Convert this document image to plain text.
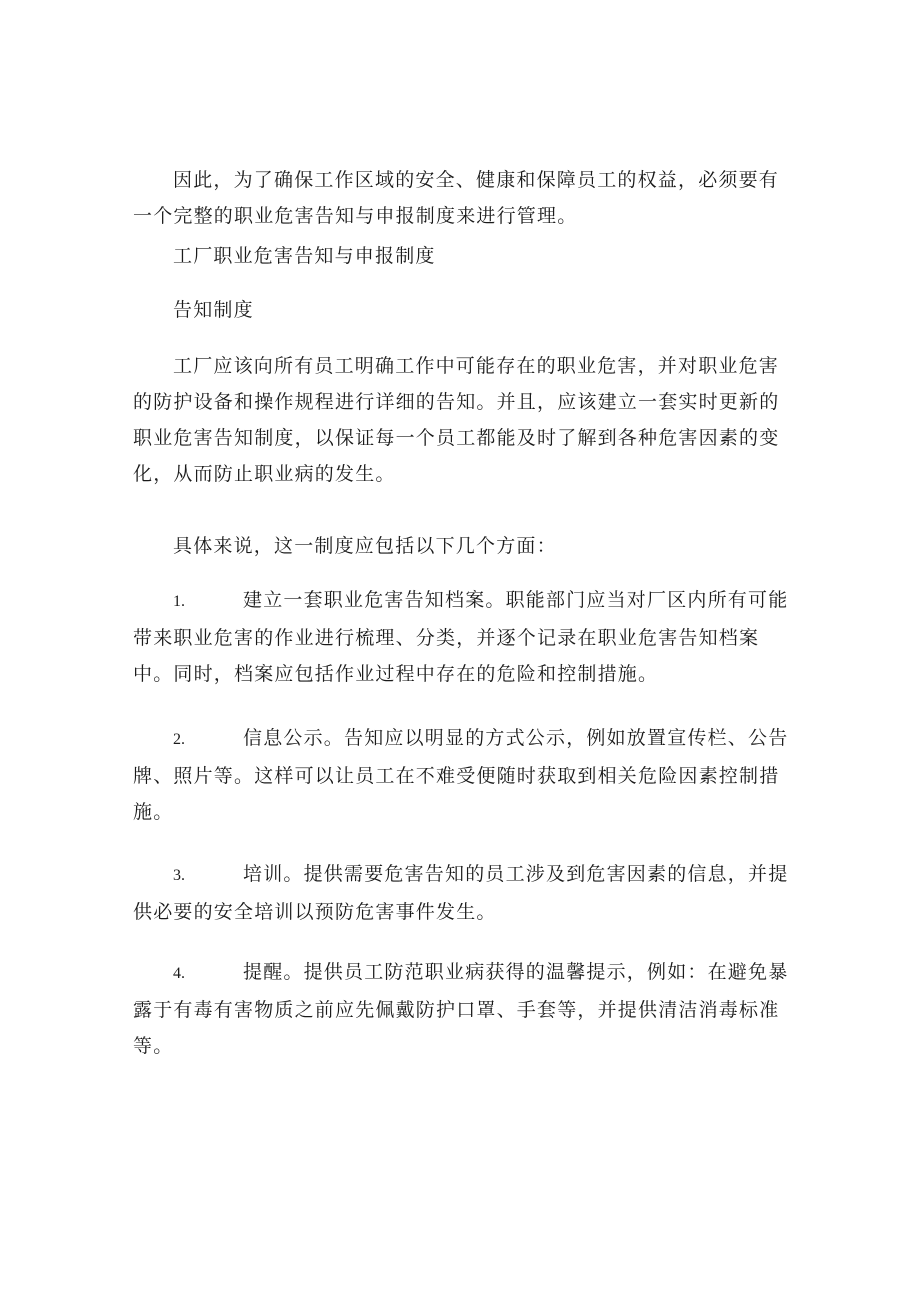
因此，为了确保工作区域的安全、健康和保障员工的权益，必须要有一个完整的职业危害告知与申报制度来进行管理。

工厂职业危害告知与申报制度

告知制度

工厂应该向所有员工明确工作中可能存在的职业危害，并对职业危害的防护设备和操作规程进行详细的告知。并且，应该建立一套实时更新的职业危害告知制度，以保证每一个员工都能及时了解到各种危害因素的变化，从而防止职业病的发生。

具体来说，这一制度应包括以下几个方面：

1.	建立一套职业危害告知档案。职能部门应当对厂区内所有可能带来职业危害的作业进行梳理、分类，并逐个记录在职业危害告知档案中。同时，档案应包括作业过程中存在的危险和控制措施。

2.	信息公示。告知应以明显的方式公示，例如放置宣传栏、公告牌、照片等。这样可以让员工在不难受便随时获取到相关危险因素控制措施。

3.	培训。提供需要危害告知的员工涉及到危害因素的信息，并提供必要的安全培训以预防危害事件发生。

4.	提醒。提供员工防范职业病获得的温馨提示，例如：在避免暴露于有毒有害物质之前应先佩戴防护口罩、手套等，并提供清洁消毒标准等。
